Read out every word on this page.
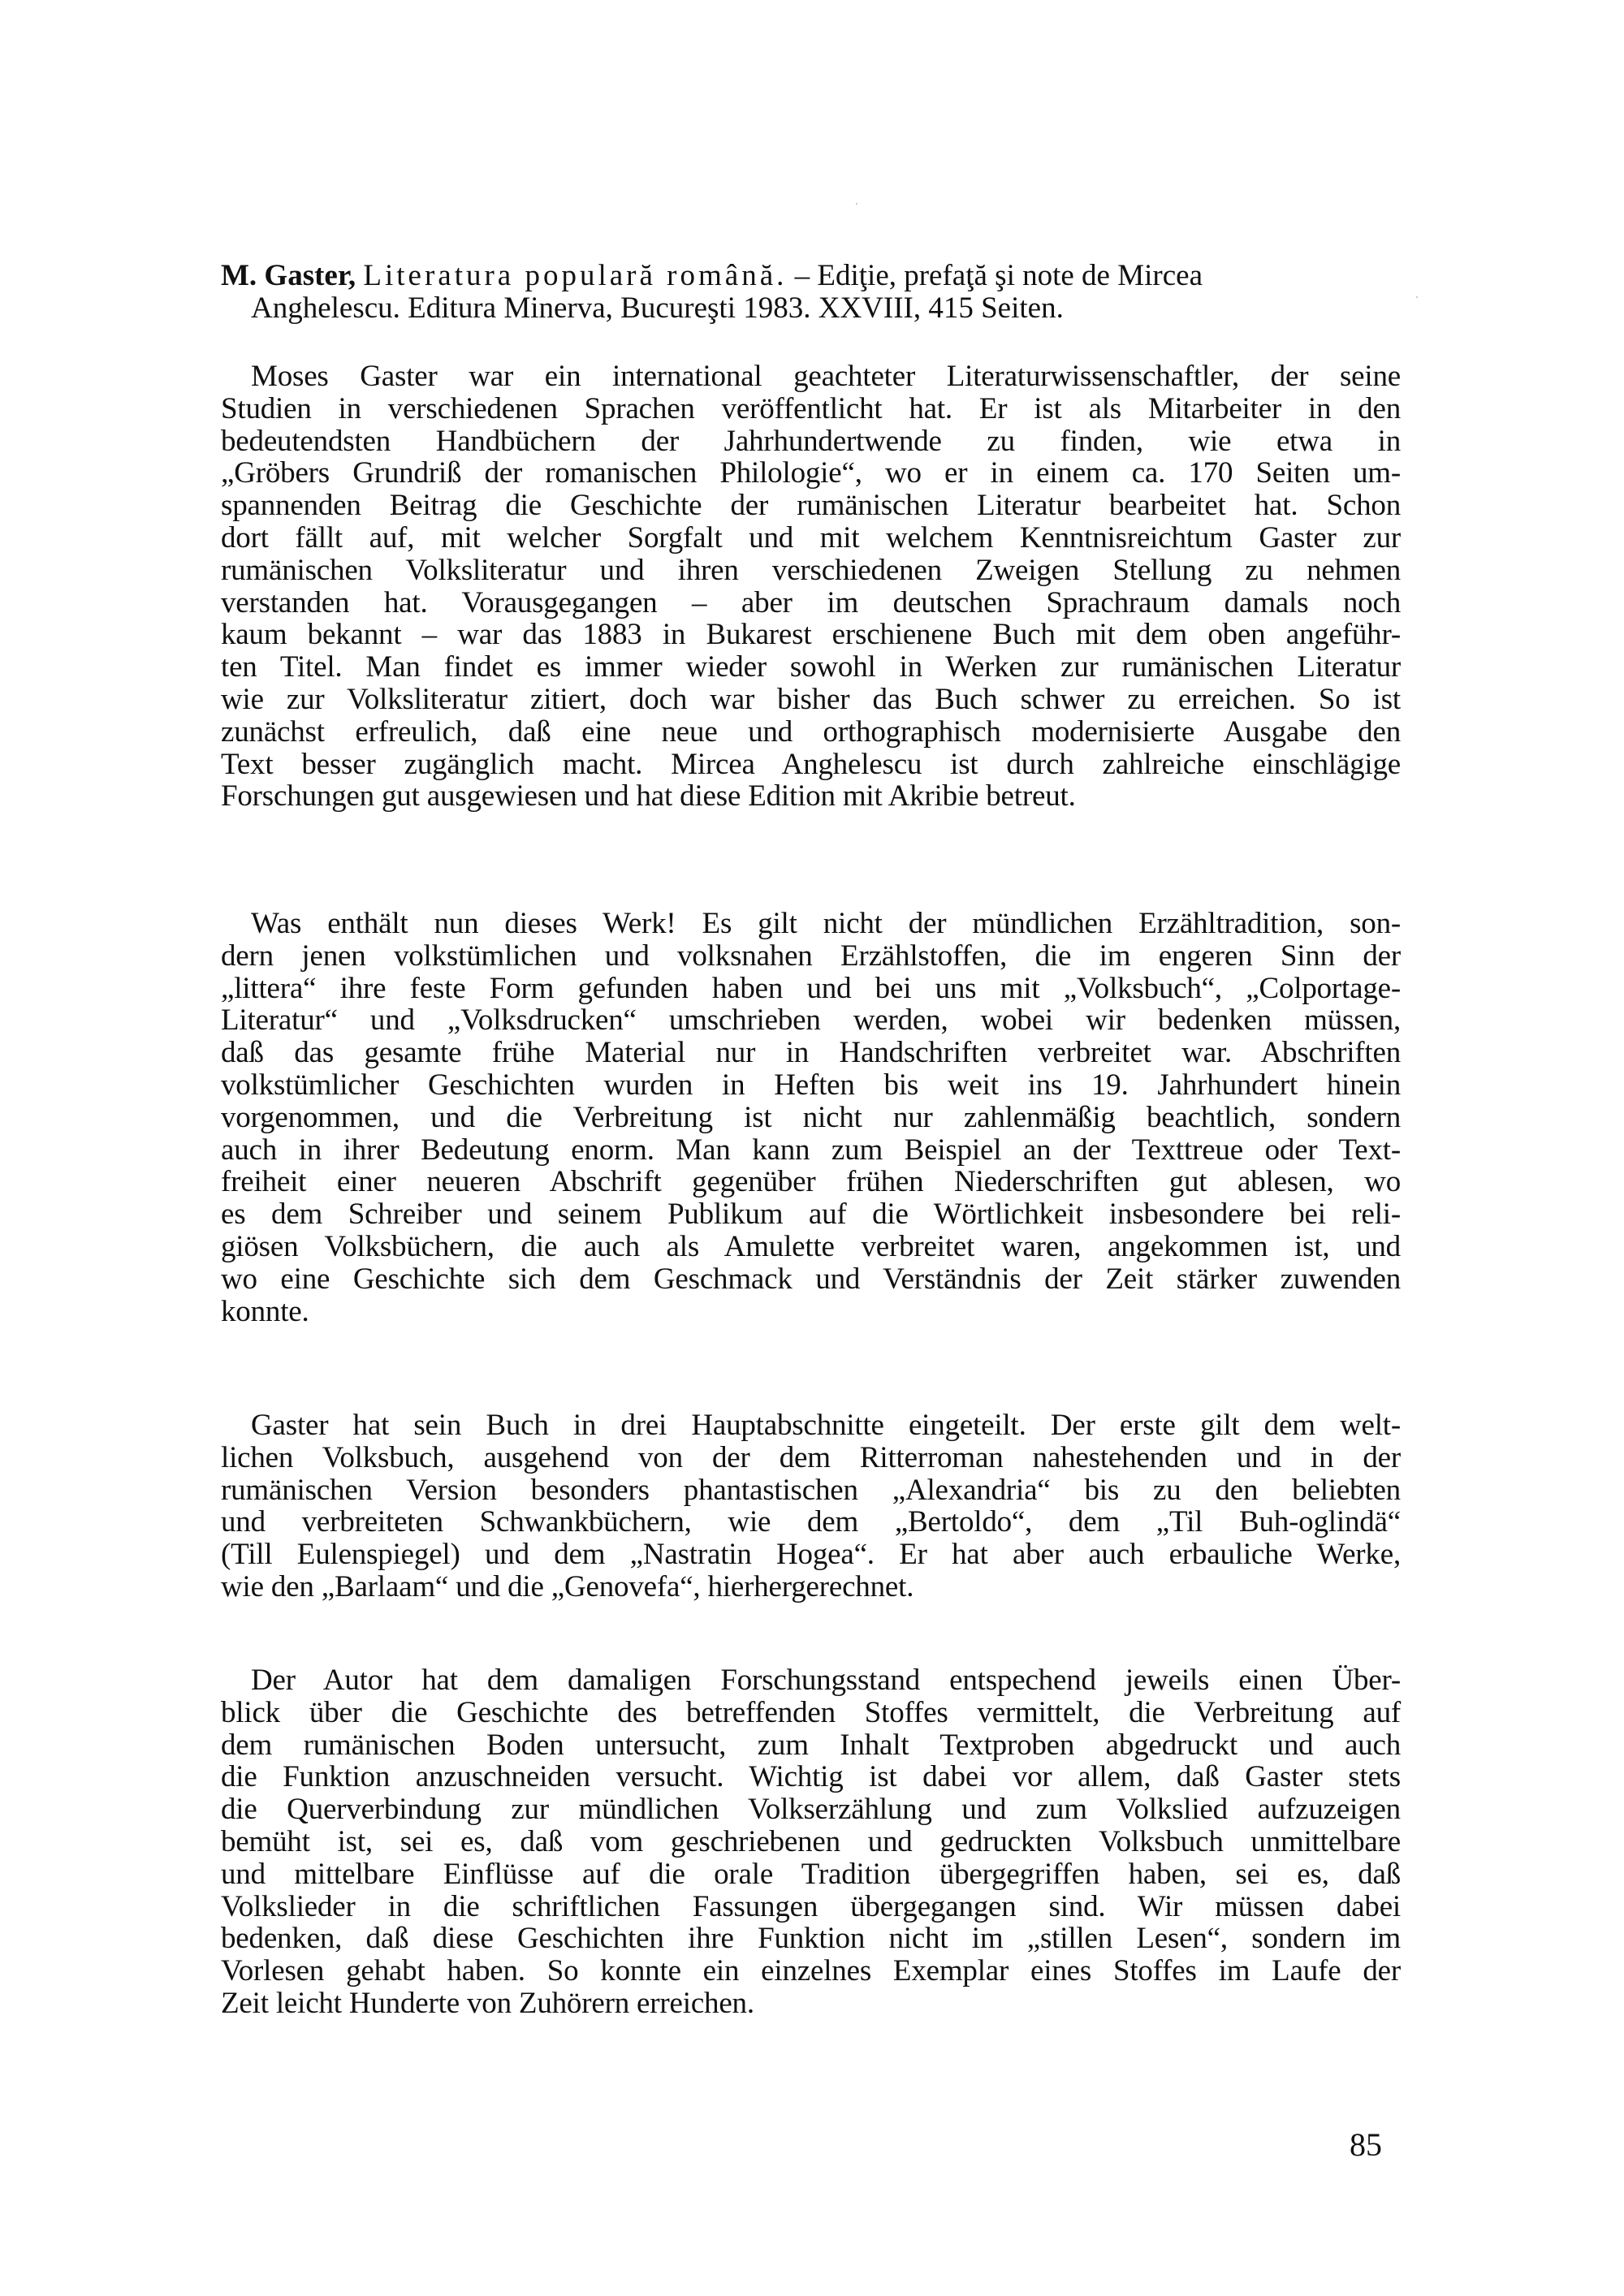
M. Gaster, Literatura populară română. – Ediţie, prefaţă şi note de Mircea
Anghelescu. Editura Minerva, Bucureşti 1983. XXVIII, 415 Seiten.
Moses Gaster war ein international geachteter Literaturwissenschaftler, der seine
Studien in verschiedenen Sprachen veröffentlicht hat. Er ist als Mitarbeiter in den
bedeutendsten Handbüchern der Jahrhundertwende zu finden, wie etwa in
„Gröbers Grundriß der romanischen Philologie“, wo er in einem ca. 170 Seiten um-
spannenden Beitrag die Geschichte der rumänischen Literatur bearbeitet hat. Schon
dort fällt auf, mit welcher Sorgfalt und mit welchem Kenntnisreichtum Gaster zur
rumänischen Volksliteratur und ihren verschiedenen Zweigen Stellung zu nehmen
verstanden hat. Vorausgegangen – aber im deutschen Sprachraum damals noch
kaum bekannt – war das 1883 in Bukarest erschienene Buch mit dem oben angeführ-
ten Titel. Man findet es immer wieder sowohl in Werken zur rumänischen Literatur
wie zur Volksliteratur zitiert, doch war bisher das Buch schwer zu erreichen. So ist
zunächst erfreulich, daß eine neue und orthographisch modernisierte Ausgabe den
Text besser zugänglich macht. Mircea Anghelescu ist durch zahlreiche einschlägige
Forschungen gut ausgewiesen und hat diese Edition mit Akribie betreut.
Was enthält nun dieses Werk! Es gilt nicht der mündlichen Erzähltradition, son-
dern jenen volkstümlichen und volksnahen Erzählstoffen, die im engeren Sinn der
„littera“ ihre feste Form gefunden haben und bei uns mit „Volksbuch“, „Colportage-
Literatur“ und „Volksdrucken“ umschrieben werden, wobei wir bedenken müssen,
daß das gesamte frühe Material nur in Handschriften verbreitet war. Abschriften
volkstümlicher Geschichten wurden in Heften bis weit ins 19. Jahrhundert hinein
vorgenommen, und die Verbreitung ist nicht nur zahlenmäßig beachtlich, sondern
auch in ihrer Bedeutung enorm. Man kann zum Beispiel an der Texttreue oder Text-
freiheit einer neueren Abschrift gegenüber frühen Niederschriften gut ablesen, wo
es dem Schreiber und seinem Publikum auf die Wörtlichkeit insbesondere bei reli-
giösen Volksbüchern, die auch als Amulette verbreitet waren, angekommen ist, und
wo eine Geschichte sich dem Geschmack und Verständnis der Zeit stärker zuwenden
konnte.
Gaster hat sein Buch in drei Hauptabschnitte eingeteilt. Der erste gilt dem welt-
lichen Volksbuch, ausgehend von der dem Ritterroman nahestehenden und in der
rumänischen Version besonders phantastischen „Alexandria“ bis zu den beliebten
und verbreiteten Schwankbüchern, wie dem „Bertoldo“, dem „Til Buh-oglindä“
(Till Eulenspiegel) und dem „Nastratin Hogea“. Er hat aber auch erbauliche Werke,
wie den „Barlaam“ und die „Genovefa“, hierhergerechnet.
Der Autor hat dem damaligen Forschungsstand entspechend jeweils einen Über-
blick über die Geschichte des betreffenden Stoffes vermittelt, die Verbreitung auf
dem rumänischen Boden untersucht, zum Inhalt Textproben abgedruckt und auch
die Funktion anzuschneiden versucht. Wichtig ist dabei vor allem, daß Gaster stets
die Querverbindung zur mündlichen Volkserzählung und zum Volkslied aufzuzeigen
bemüht ist, sei es, daß vom geschriebenen und gedruckten Volksbuch unmittelbare
und mittelbare Einflüsse auf die orale Tradition übergegriffen haben, sei es, daß
Volkslieder in die schriftlichen Fassungen übergegangen sind. Wir müssen dabei
bedenken, daß diese Geschichten ihre Funktion nicht im „stillen Lesen“, sondern im
Vorlesen gehabt haben. So konnte ein einzelnes Exemplar eines Stoffes im Laufe der
Zeit leicht Hunderte von Zuhörern erreichen.
85
